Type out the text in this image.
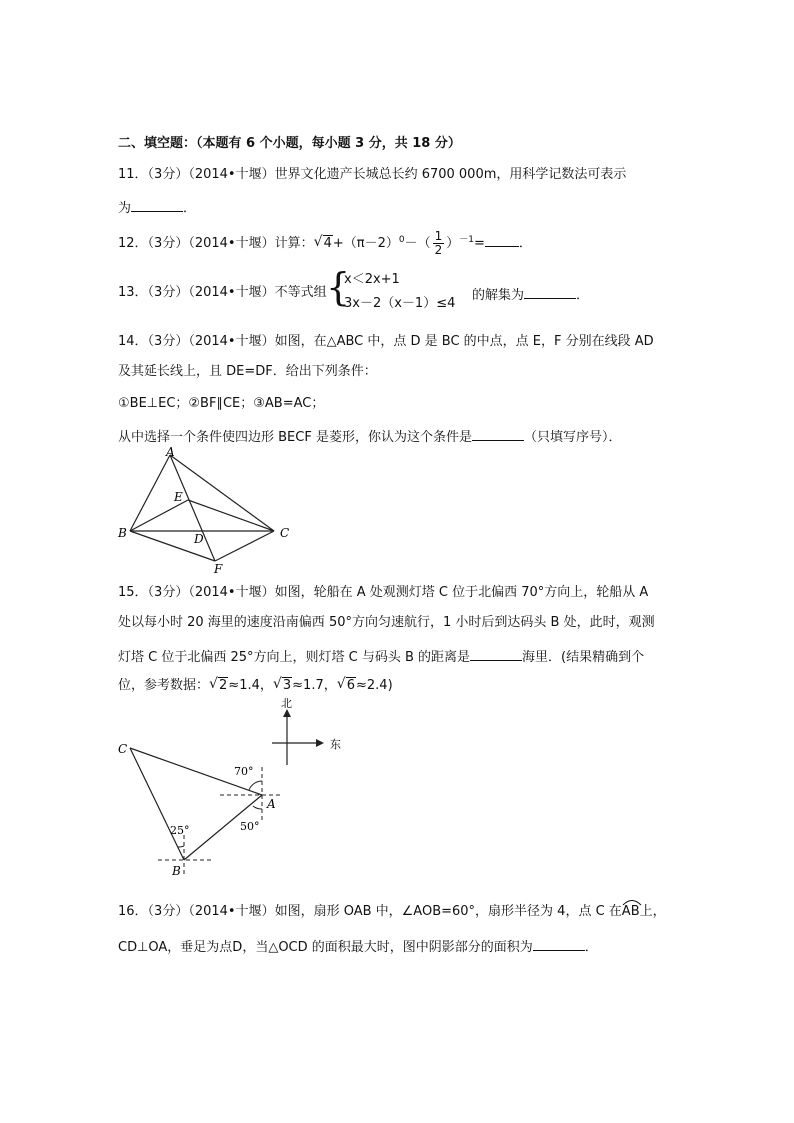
二、填空题：（本题有 6 个小题，每小题 3 分，共 18 分）
11．（3分）（2014•十堰）世界文化遗产长城总长约 6700 000m，用科学记数法可表示
为	．
12．（3分）（2014•十堰）计算： √ $4+(\pi-2)^0-( \frac{1}{2} )^{-1}=$	．
13．（3分）（2014•十堰）不等式组 {
x＜2x+1
3x－2（x－1）≤4
的解集为	．
14．（3分）（2014•十堰）如图，在△ABC 中，点 D 是 BC 的中点，点 E，F 分别在线段 AD
及其延长线上，且 DE=DF．给出下列条件：
①BE⊥EC；②BF∥CE；③AB=AC；
从中选择一个条件使四边形 BECF 是菱形，你认为这个条件是	（只填写序号）．
A
E
B	C
D
F
15．（3分）（2014•十堰）如图，轮船在 A 处观测灯塔 C 位于北偏西 70°方向上，轮船从 A
处以每小时 20 海里的速度沿南偏西 50°方向匀速航行，1 小时后到达码头 B 处，此时，观测
灯塔 C 位于北偏西 25°方向上，则灯塔 C 与码头 B 的距离是	海里．(结果精确到个
位，参考数据： √ 2≈1.4， √ 3≈1.7， √ 6≈2.4)
北
东
C
A
B
70°
50°
25°
16．（3分）（2014•十堰）如图，扇形 OAB 中，∠AOB=60°，扇形半径为 4，点 C 在
AB上，
CD⊥OA，垂足为点D，当△OCD 的面积最大时，图中阴影部分的面积为	．
